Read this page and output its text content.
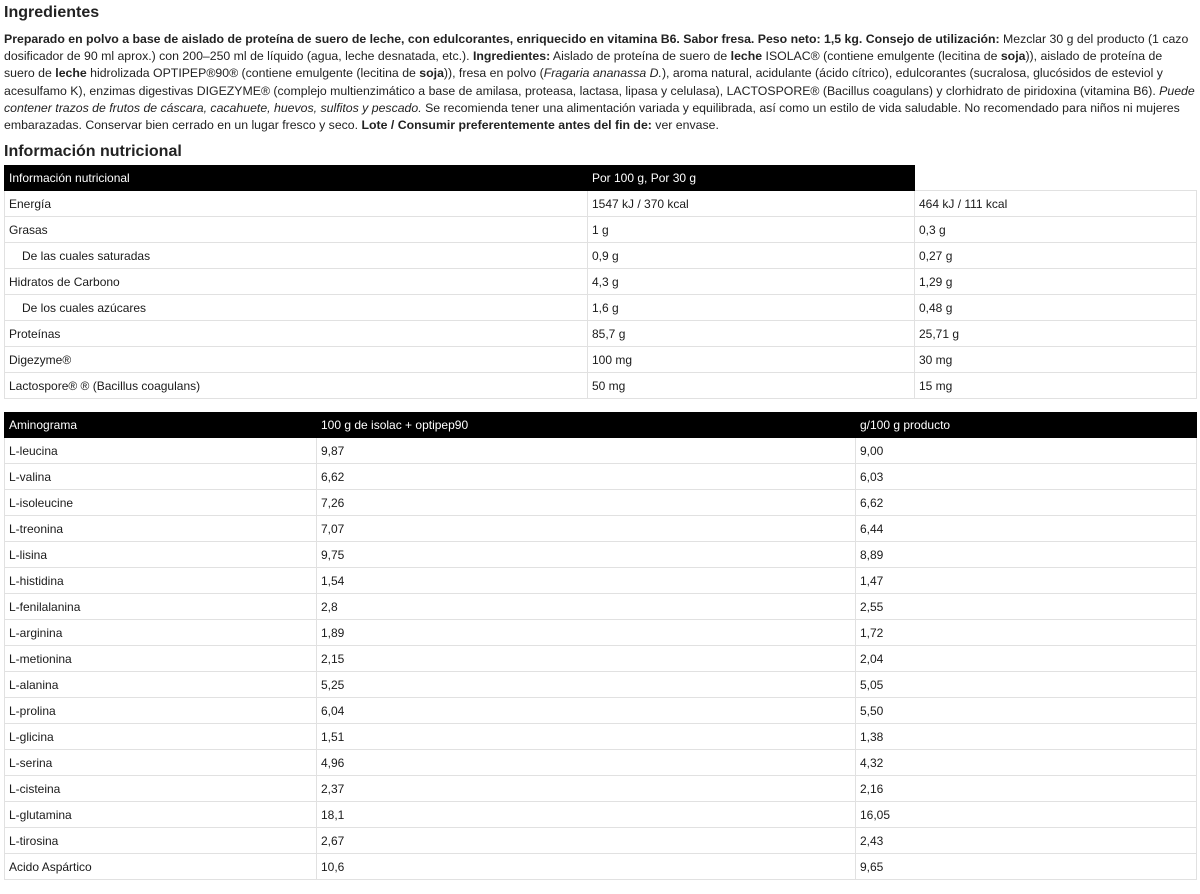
Ingredientes

Preparado en polvo a base de aislado de proteína de suero de leche, con edulcorantes, enriquecido en vitamina B6. Sabor fresa. Peso neto: 1,5 kg. Consejo de utilización: Mezclar 30 g del producto (1 cazo dosificador de 90 ml aprox.) con 200–250 ml de líquido (agua, leche desnatada, etc.). Ingredientes: Aislado de proteína de suero de leche ISOLAC® (contiene emulgente (lecitina de soja)), aislado de proteína de suero de leche hidrolizada OPTIPEP®90® (contiene emulgente (lecitina de soja)), fresa en polvo (Fragaria ananassa D.), aroma natural, acidulante (ácido cítrico), edulcorantes (sucralosa, glucósidos de esteviol y acesulfamo K), enzimas digestivas DIGEZYME® (complejo multienzimático a base de amilasa, proteasa, lactasa, lipasa y celulasa), LACTOSPORE® (Bacillus coagulans) y clorhidrato de piridoxina (vitamina B6). Puede contener trazos de frutos de cáscara, cacahuete, huevos, sulfitos y pescado. Se recomienda tener una alimentación variada y equilibrada, así como un estilo de vida saludable. No recomendado para niños ni mujeres embarazadas. Conservar bien cerrado en un lugar fresco y seco. Lote / Consumir preferentemente antes del fin de: ver envase.

Información nutricional
Información nutricional	Por 100 g, Por 30 g	
Energía	1547 kJ / 370 kcal	464 kJ / 111 kcal
Grasas	1 g	0,3 g
De las cuales saturadas	0,9 g	0,27 g
Hidratos de Carbono	4,3 g	1,29 g
De los cuales azúcares	1,6 g	0,48 g
Proteínas	85,7 g	25,71 g
Digezyme®	100 mg	30 mg
Lactospore® ® (Bacillus coagulans)	50 mg	15 mg
Aminograma	100 g de isolac + optipep90	g/100 g producto
L-leucina	9,87	9,00
L-valina	6,62	6,03
L-isoleucine	7,26	6,62
L-treonina	7,07	6,44
L-lisina	9,75	8,89
L-histidina	1,54	1,47
L-fenilalanina	2,8	2,55
L-arginina	1,89	1,72
L-metionina	2,15	2,04
L-alanina	5,25	5,05
L-prolina	6,04	5,50
L-glicina	1,51	1,38
L-serina	4,96	4,32
L-cisteina	2,37	2,16
L-glutamina	18,1	16,05
L-tirosina	2,67	2,43
Acido Aspártico	10,6	9,65
